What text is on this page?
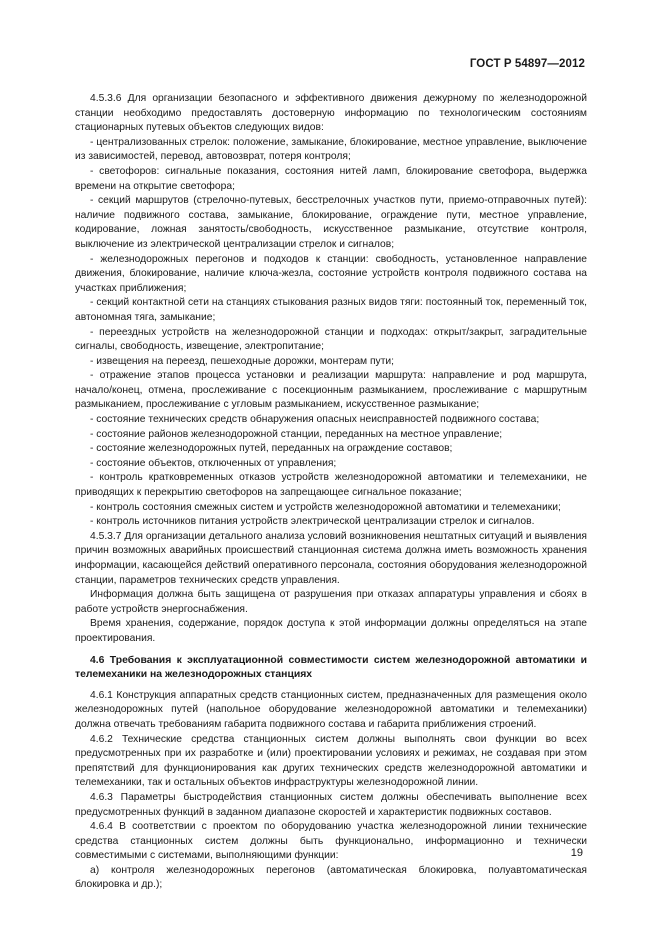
ГОСТ Р 54897—2012

4.5.3.6 Для организации безопасного и эффективного движения дежурному по железнодорожной станции необходимо предоставлять достоверную информацию по технологическим состояниям стационарных путевых объектов следующих видов:

- централизованных стрелок: положение, замыкание, блокирование, местное управление, выключение из зависимостей, перевод, автовозврат, потеря контроля;

- светофоров: сигнальные показания, состояния нитей ламп, блокирование светофора, выдержка времени на открытие светофора;

- секций маршрутов (стрелочно-путевых, бесстрелочных участков пути, приемо-отправочных путей): наличие подвижного состава, замыкание, блокирование, ограждение пути, местное управление, кодирование, ложная занятость/свободность, искусственное размыкание, отсутствие контроля, выключение из электрической централизации стрелок и сигналов;

- железнодорожных перегонов и подходов к станции: свободность, установленное направление движения, блокирование, наличие ключа-жезла, состояние устройств контроля подвижного состава на участках приближения;

- секций контактной сети на станциях стыкования разных видов тяги: постоянный ток, переменный ток, автономная тяга, замыкание;

- переездных устройств на железнодорожной станции и подходах: открыт/закрыт, заградительные сигналы, свободность, извещение, электропитание;

- извещения на переезд, пешеходные дорожки, монтерам пути;

- отражение этапов процесса установки и реализации маршрута: направление и род маршрута, начало/конец, отмена, прослеживание с посекционным размыканием, прослеживание с маршрутным размыканием, прослеживание с угловым размыканием, искусственное размыкание;

- состояние технических средств обнаружения опасных неисправностей подвижного состава;

- состояние районов железнодорожной станции, переданных на местное управление;

- состояние железнодорожных путей, переданных на ограждение составов;

- состояние объектов, отключенных от управления;

- контроль кратковременных отказов устройств железнодорожной автоматики и телемеханики, не приводящих к перекрытию светофоров на запрещающее сигнальное показание;

- контроль состояния смежных систем и устройств железнодорожной автоматики и телемеханики;

- контроль источников питания устройств электрической централизации стрелок и сигналов.

4.5.3.7 Для организации детального анализа условий возникновения нештатных ситуаций и выявления причин возможных аварийных происшествий станционная система должна иметь возможность хранения информации, касающейся действий оперативного персонала, состояния оборудования железнодорожной станции, параметров технических средств управления.

Информация должна быть защищена от разрушения при отказах аппаратуры управления и сбоях в работе устройств энергоснабжения.

Время хранения, содержание, порядок доступа к этой информации должны определяться на этапе проектирования.

4.6 Требования к эксплуатационной совместимости систем железнодорожной автоматики и телемеханики на железнодорожных станциях

4.6.1 Конструкция аппаратных средств станционных систем, предназначенных для размещения около железнодорожных путей (напольное оборудование железнодорожной автоматики и телемеханики) должна отвечать требованиям габарита подвижного состава и габарита приближения строений.

4.6.2 Технические средства станционных систем должны выполнять свои функции во всех предусмотренных при их разработке и (или) проектировании условиях и режимах, не создавая при этом препятствий для функционирования как других технических средств железнодорожной автоматики и телемеханики, так и остальных объектов инфраструктуры железнодорожной линии.

4.6.3 Параметры быстродействия станционных систем должны обеспечивать выполнение всех предусмотренных функций в заданном диапазоне скоростей и характеристик подвижных составов.

4.6.4 В соответствии с проектом по оборудованию участка железнодорожной линии технические средства станционных систем должны быть функционально, информационно и технически совместимыми с системами, выполняющими функции:

а) контроля железнодорожных перегонов (автоматическая блокировка, полуавтоматическая блокировка и др.);

19
